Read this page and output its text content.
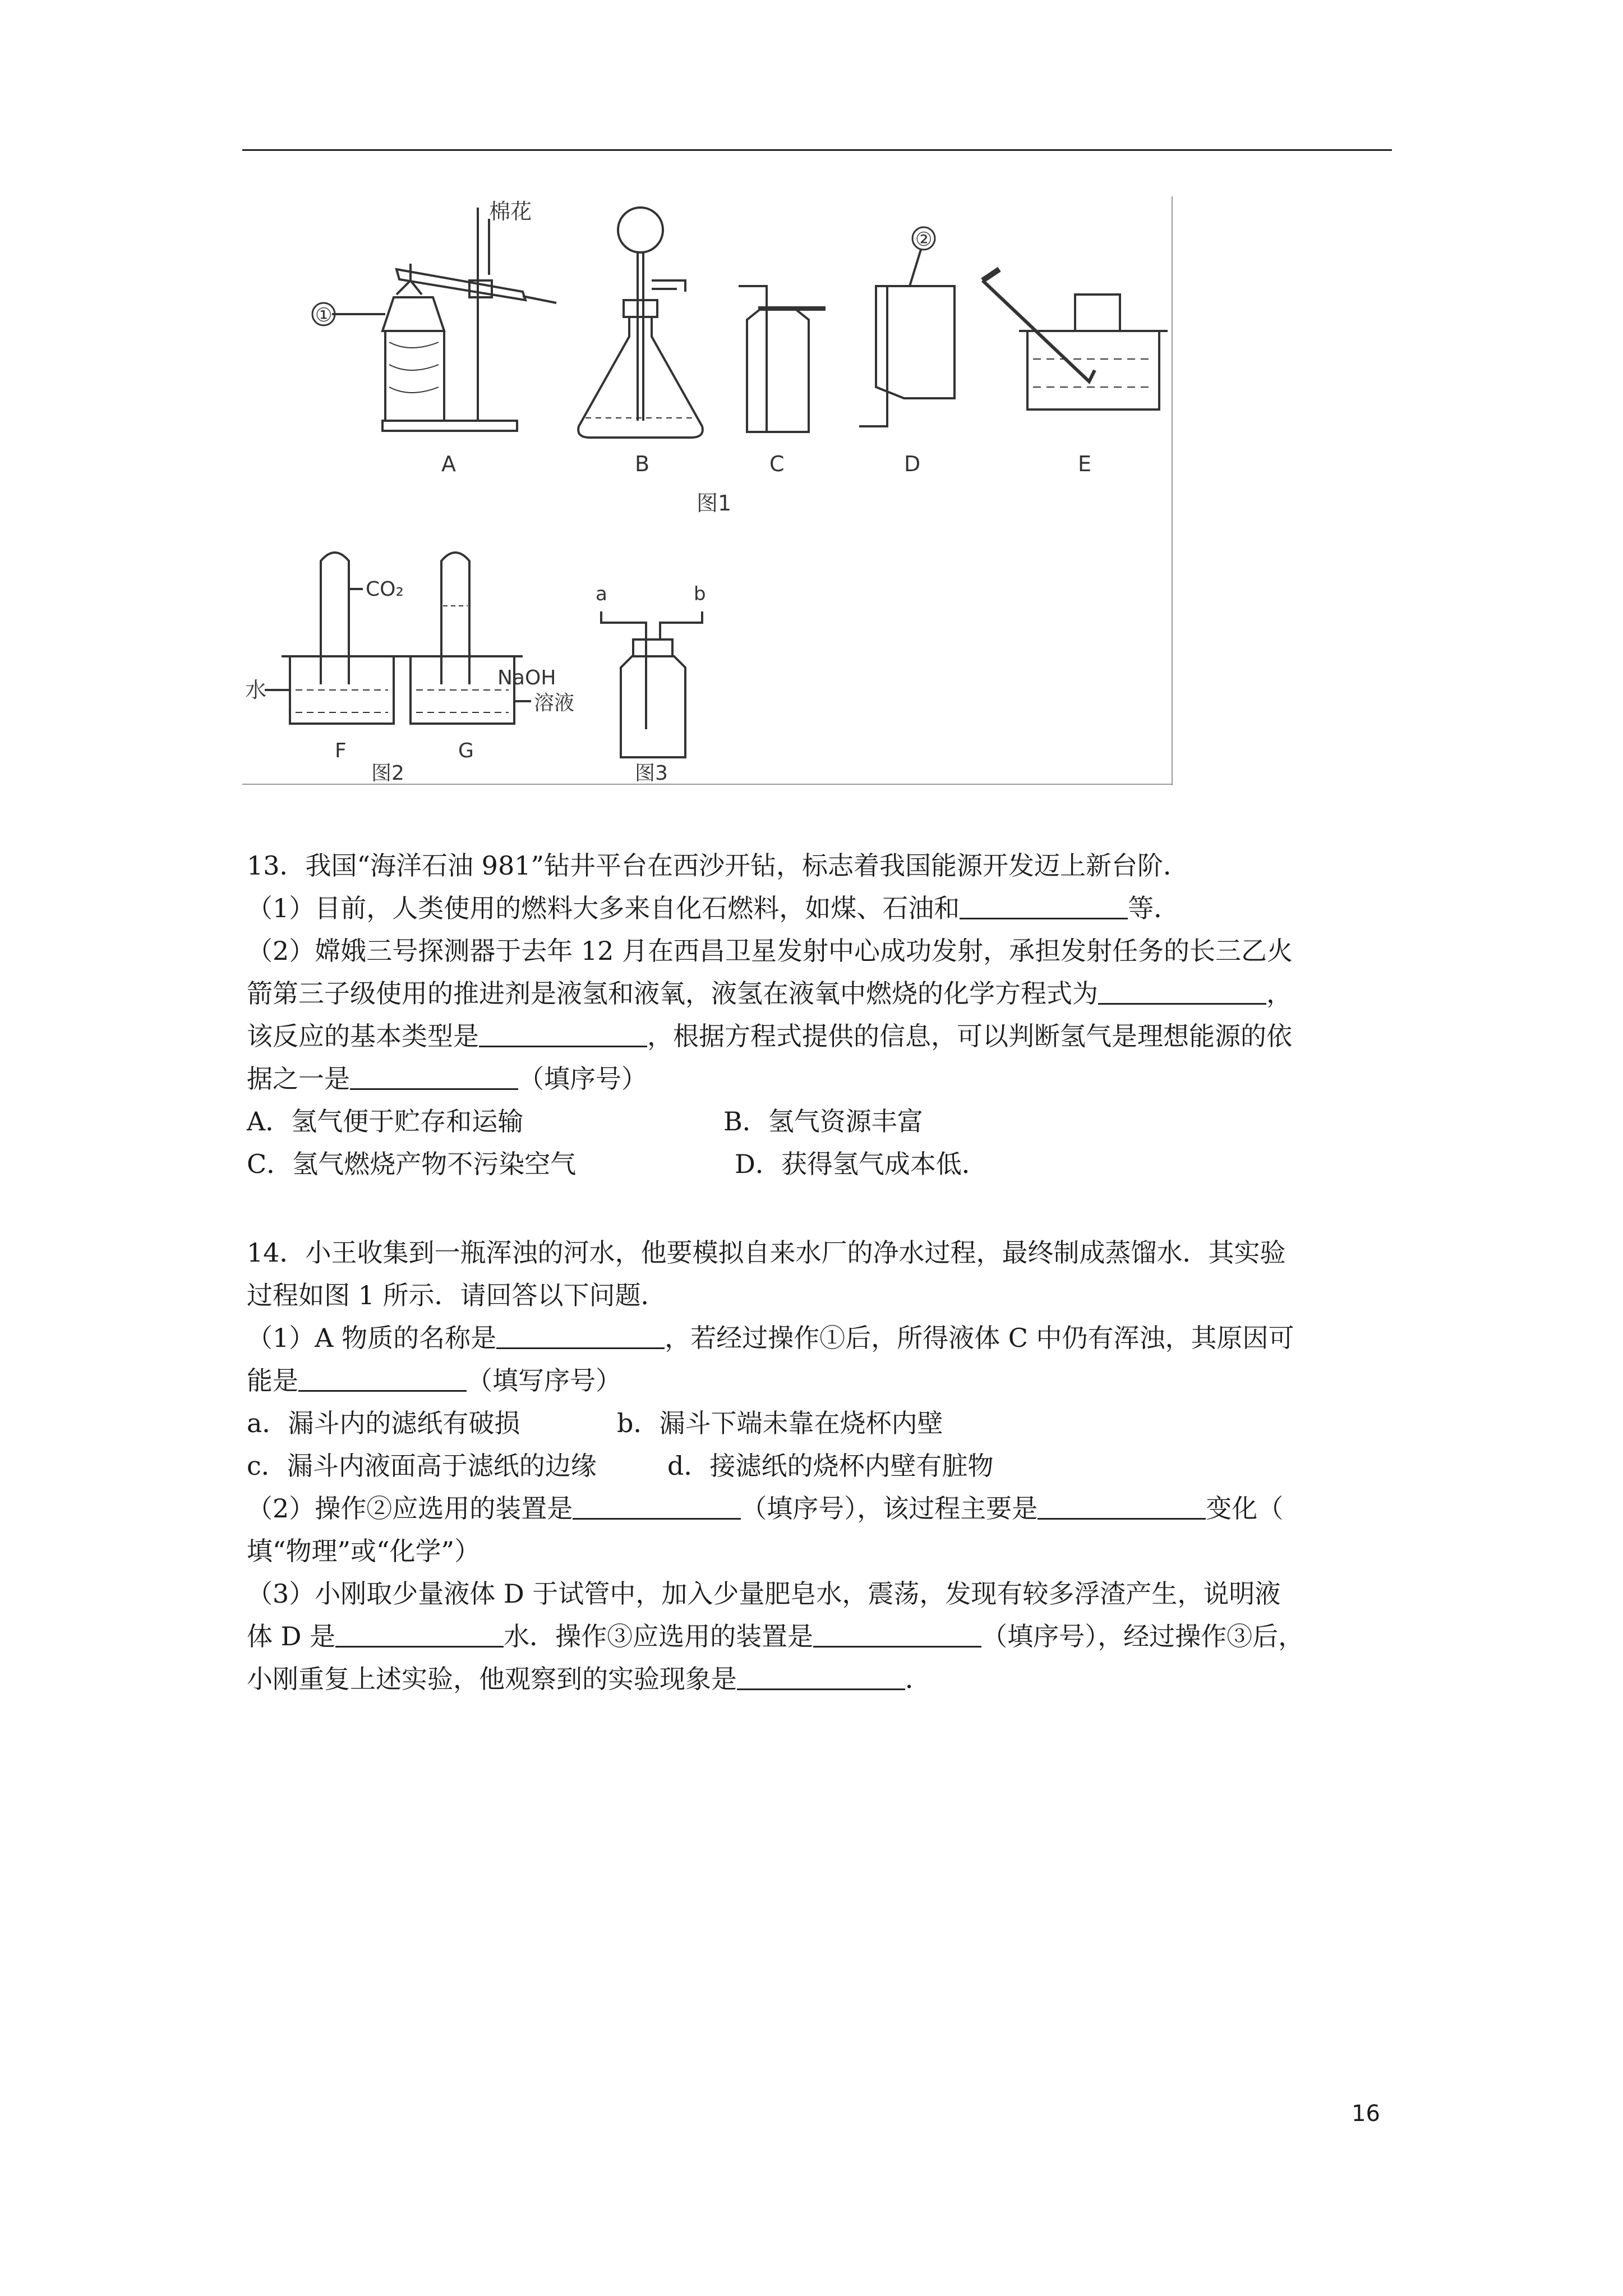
棉花
①
A	B	C
②
D	E
图1
CO₂
水	NaOH
溶液
F	G
图2
a	b
图3
13．我国“海洋石油 981”钻井平台在西沙开钻，标志着我国能源开发迈上新台阶．
（1）目前，人类使用的燃料大多来自化石燃料，如煤、石油和	等．
（2）嫦娥三号探测器于去年 12 月在西昌卫星发射中心成功发射，承担发射任务的长三乙火
箭第三子级使用的推进剂是液氢和液氧，液氢在液氧中燃烧的化学方程式为	，
该反应的基本类型是	，根据方程式提供的信息，可以判断氢气是理想能源的依
据之一是	（填序号）
A．氢气便于贮存和运输	B．氢气资源丰富
C．氢气燃烧产物不污染空气	D．获得氢气成本低．
14．小王收集到一瓶浑浊的河水，他要模拟自来水厂的净水过程，最终制成蒸馏水．其实验
过程如图 1 所示．请回答以下问题．
（1）A 物质的名称是	，若经过操作①后，所得液体 C 中仍有浑浊，其原因可
能是	（填写序号）
a．漏斗内的滤纸有破损	b．漏斗下端未靠在烧杯内壁
c．漏斗内液面高于滤纸的边缘	d．接滤纸的烧杯内壁有脏物
（2）操作②应选用的装置是	（填序号），该过程主要是	变化（
填“物理”或“化学”）
（3）小刚取少量液体 D 于试管中，加入少量肥皂水，震荡，发现有较多浮渣产生，说明液
体 D 是	水．操作③应选用的装置是	（填序号），经过操作③后，
小刚重复上述实验，他观察到的实验现象是	．
16
